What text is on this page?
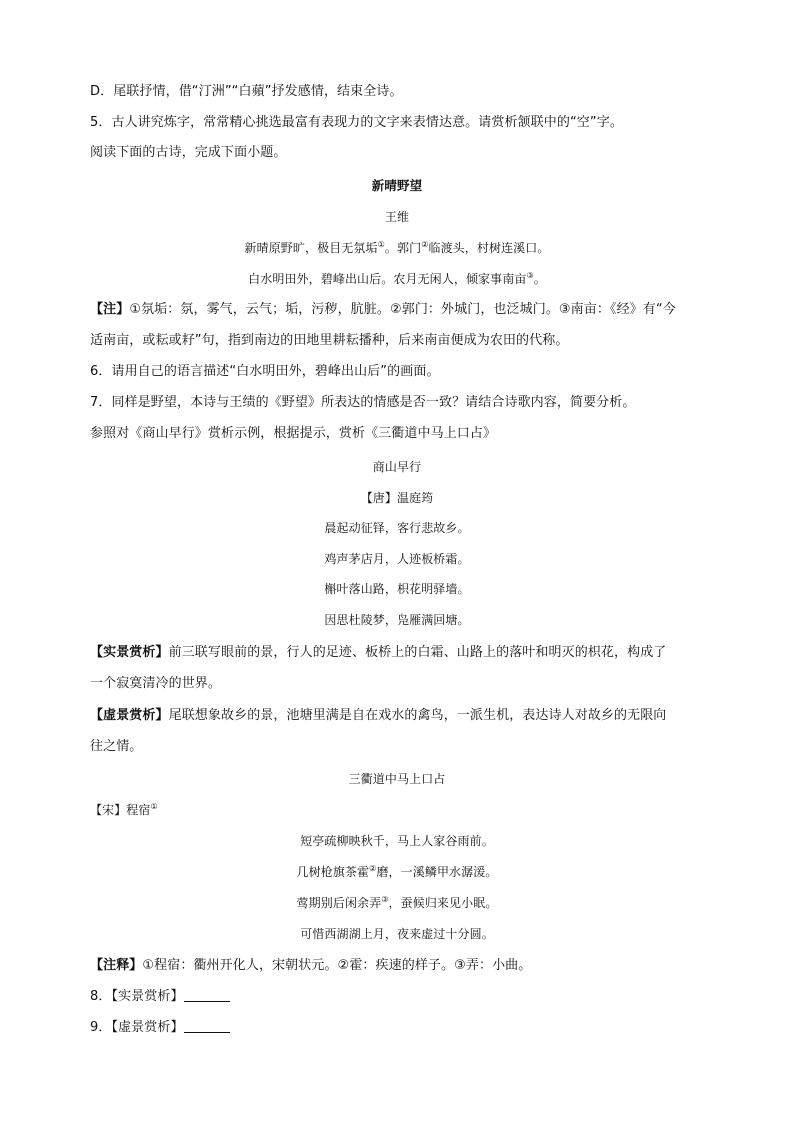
D．尾联抒情，借“汀洲”“白蘋”抒发感情，结束全诗。
5．古人讲究炼字，常常精心挑选最富有表现力的文字来表情达意。请赏析颔联中的“空”字。
阅读下面的古诗，完成下面小题。
新晴野望
王维
新晴原野旷，极目无氛垢①。郭门②临渡头，村树连溪口。
白水明田外，碧峰出山后。农月无闲人，倾家事南亩③。
【注】①氛垢：氛，雾气，云气；垢，污秽，肮脏。②郭门：外城门，也泛城门。③南亩：《经》有“今
适南亩，或耘或耔”句，指到南边的田地里耕耘播种，后来南亩便成为农田的代称。
6．请用自己的语言描述“白水明田外，碧峰出山后”的画面。
7．同样是野望，本诗与王绩的《野望》所表达的情感是否一致？请结合诗歌内容，简要分析。
参照对《商山早行》赏析示例，根据提示，赏析《三衢道中马上口占》
商山早行
【唐】温庭筠
晨起动征铎，客行悲故乡。
鸡声茅店月，人迹板桥霜。
槲叶落山路，枳花明驿墙。
因思杜陵梦，凫雁满回塘。
【实景赏析】前三联写眼前的景，行人的足迹、板桥上的白霜、山路上的落叶和明灭的枳花，构成了
一个寂寞清冷的世界。
【虚景赏析】尾联想象故乡的景，池塘里满是自在戏水的禽鸟，一派生机，表达诗人对故乡的无限向
往之情。
三衢道中马上口占
【宋】程宿①
短亭疏柳映秋千，马上人家谷雨前。
几树枪旗茶霍②磨，一溪鳞甲水潺湲。
莺期别后闲余弄③，蚕候归来见小眠。
可惜西湖湖上月，夜来虚过十分圆。
【注释】①程宿：衢州开化人，宋朝状元。②霍：疾速的样子。③弄：小曲。
8．【实景赏析】
9．【虚景赏析】
